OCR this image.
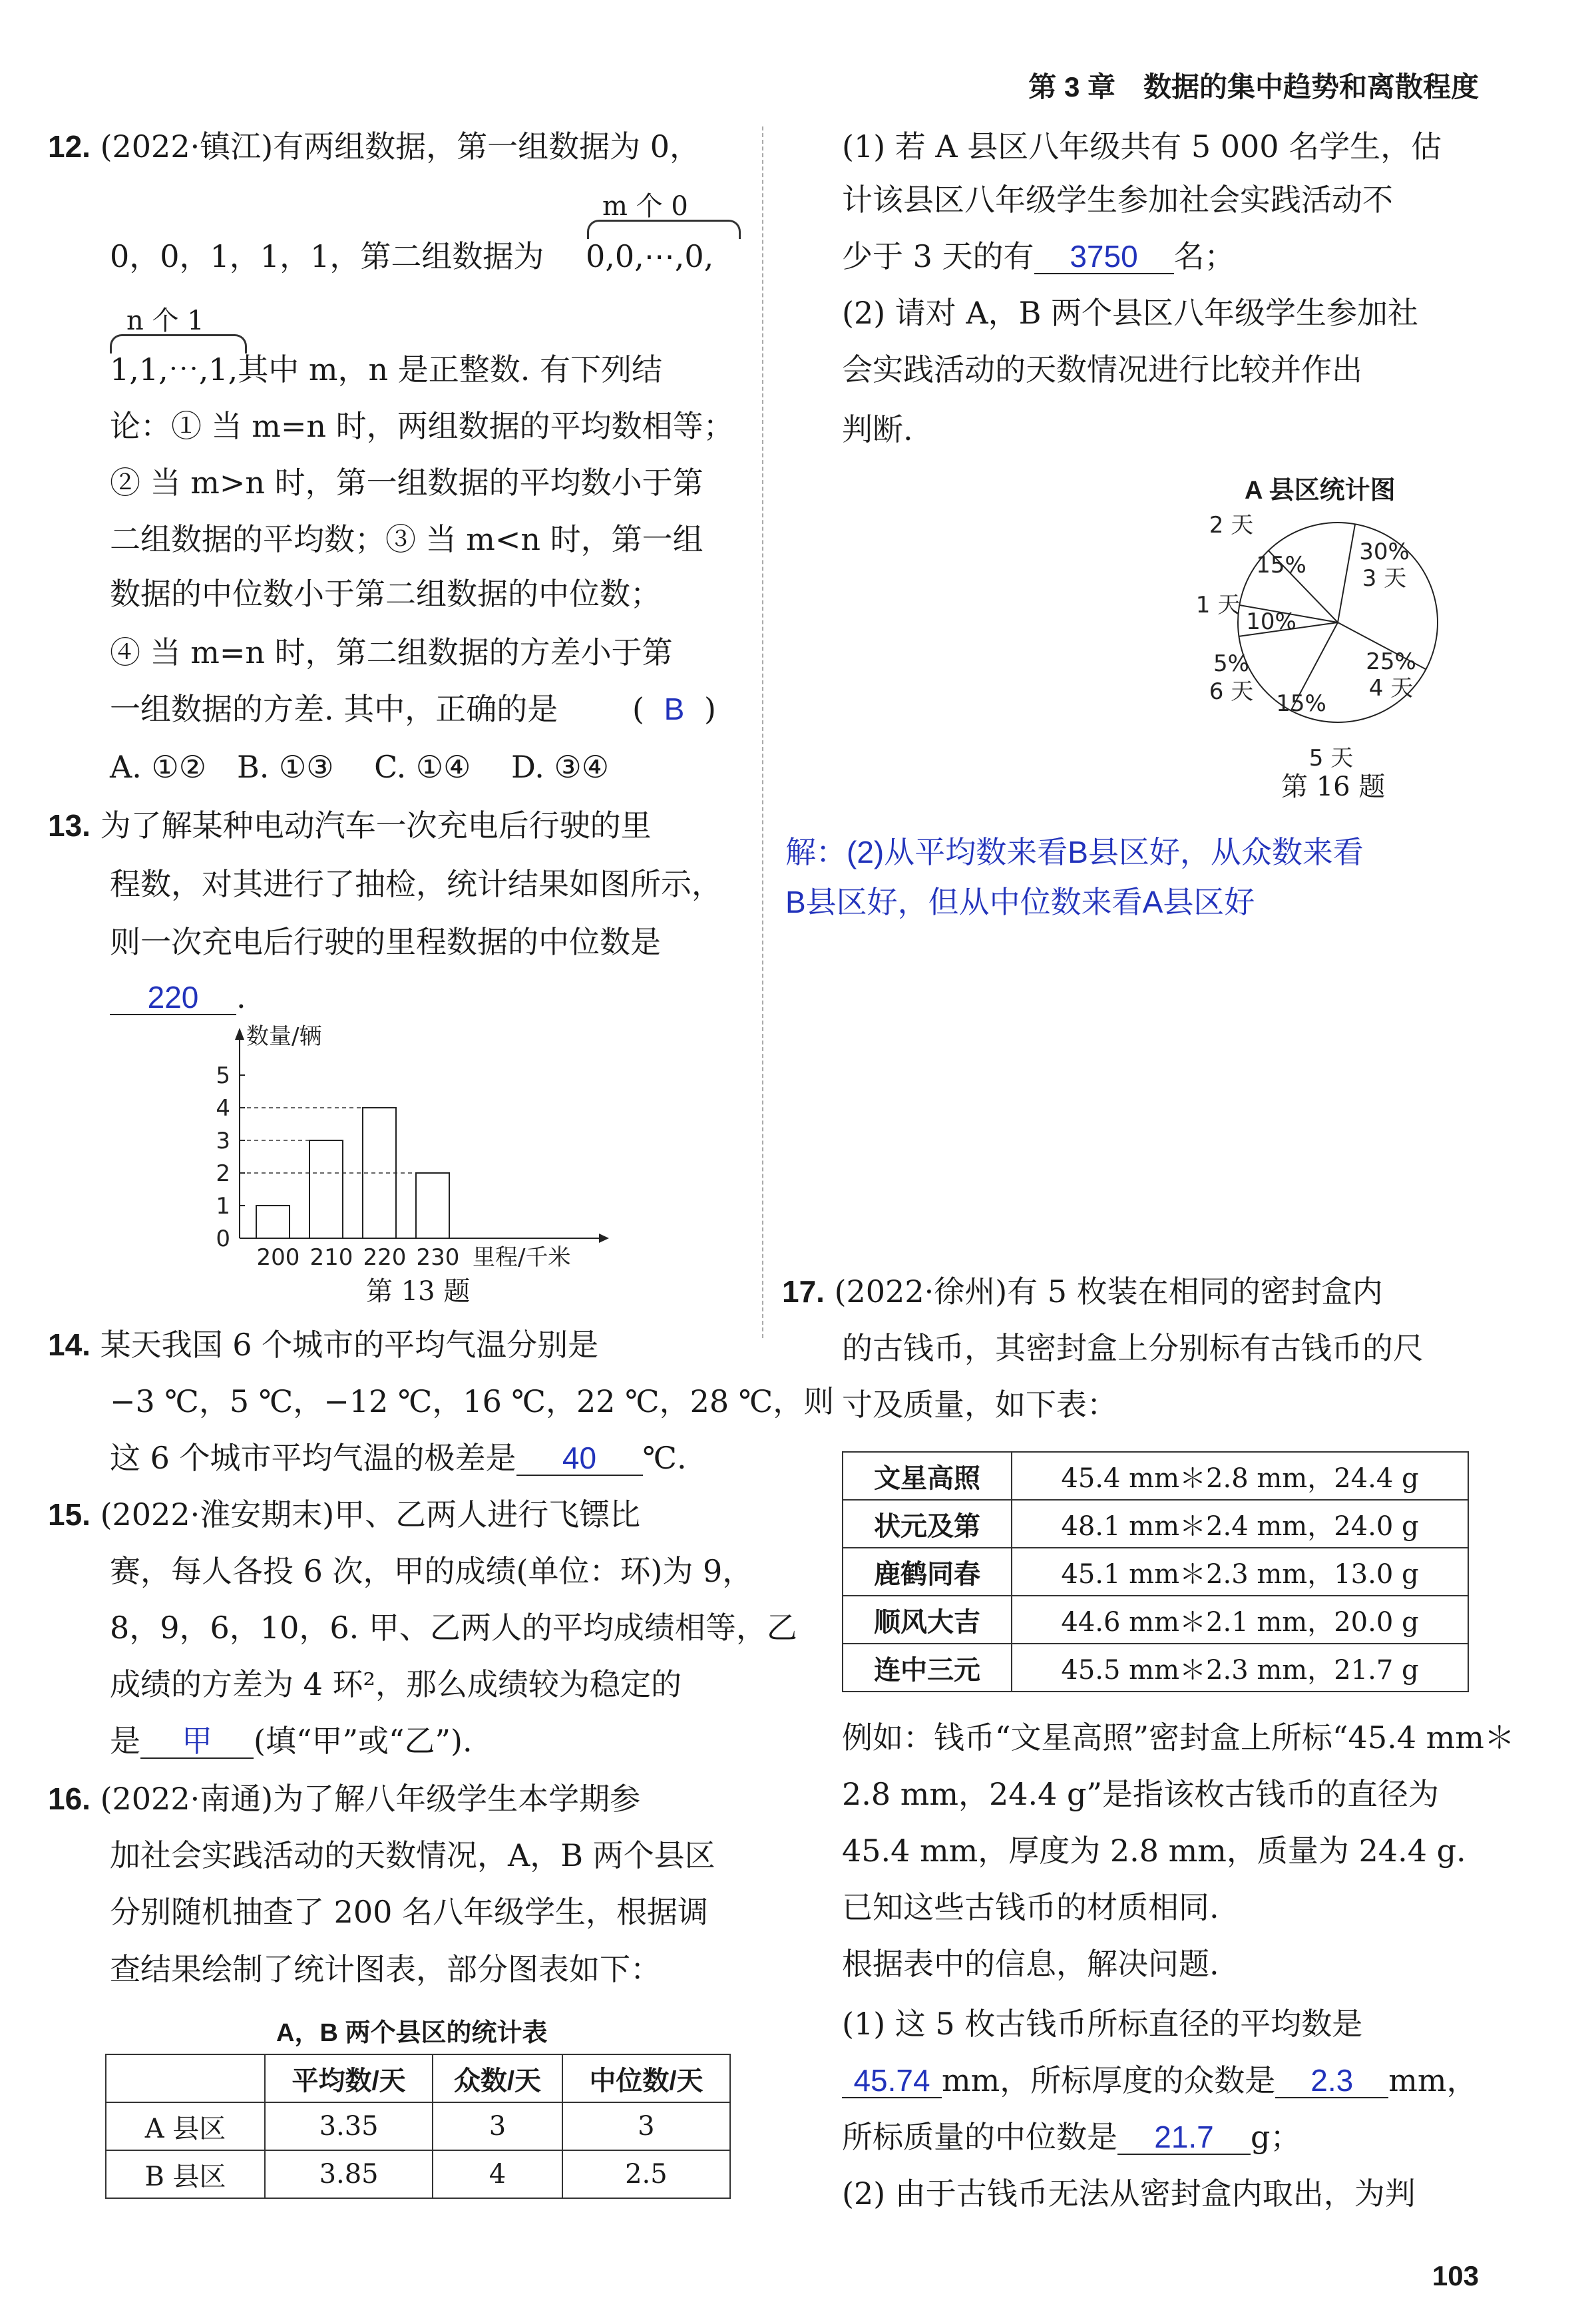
第 3 章　数据的集中趋势和离散程度
12. (2022·镇江)有两组数据，第一组数据为 0，
m 个 0
0，0，1，1，1，第二组数据为 0,0,⋯,0,
n 个 1
1,1,⋯,1,其中 m，n 是正整数. 有下列结
论：① 当 m=n 时，两组数据的平均数相等；
② 当 m>n 时，第一组数据的平均数小于第
二组数据的平均数；③ 当 m<n 时，第一组
数据的中位数小于第二组数据的中位数；
④ 当 m=n 时，第二组数据的方差小于第
一组数据的方差. 其中，正确的是 ( B )
A. ①②　B. ①③　 C. ①④　 D. ③④
13. 为了解某种电动汽车一次充电后行驶的里
程数，对其进行了抽检，统计结果如图所示，
则一次充电后行驶的里程数据的中位数是
220 .
0
1
2
3
4
5
数量/辆
200 210 220 230 里程/千米
第 13 题
14. 某天我国 6 个城市的平均气温分别是
−3 ℃，5 ℃，−12 ℃，16 ℃，22 ℃，28 ℃，则
这 6 个城市平均气温的极差是 40 ℃.
15. (2022·淮安期末)甲、乙两人进行飞镖比
赛，每人各投 6 次，甲的成绩(单位：环)为 9，
8，9，6，10，6. 甲、乙两人的平均成绩相等，乙
成绩的方差为 4 环²，那么成绩较为稳定的
是 甲 (填“甲”或“乙”).
16. (2022·南通)为了解八年级学生本学期参
加社会实践活动的天数情况，A，B 两个县区
分别随机抽查了 200 名八年级学生，根据调
查结果绘制了统计图表，部分图表如下：
A，B 两个县区的统计表
	平均数/天	众数/天	中位数/天
A 县区	3.35	3	3
B 县区	3.85	4	2.5
(1) 若 A 县区八年级共有 5 000 名学生，估
计该县区八年级学生参加社会实践活动不
少于 3 天的有 3750 名；
(2) 请对 A，B 两个县区八年级学生参加社
会实践活动的天数情况进行比较并作出
判断.
A 县区统计图
30%
3 天
25%
4 天
15%
5 天
5%
6 天
10%
1 天
15%
2 天
第 16 题
解：(2)从平均数来看B县区好，从众数来看
B县区好，但从中位数来看A县区好
17. (2022·徐州)有 5 枚装在相同的密封盒内
的古钱币，其密封盒上分别标有古钱币的尺
寸及质量，如下表：
文星高照	45.4 mm＊2.8 mm，24.4 g
状元及第	48.1 mm＊2.4 mm，24.0 g
鹿鹤同春	45.1 mm＊2.3 mm，13.0 g
顺风大吉	44.6 mm＊2.1 mm，20.0 g
连中三元	45.5 mm＊2.3 mm，21.7 g
例如：钱币“文星高照”密封盒上所标“45.4 mm＊
2.8 mm，24.4 g”是指该枚古钱币的直径为
45.4 mm，厚度为 2.8 mm，质量为 24.4 g.
已知这些古钱币的材质相同.
根据表中的信息，解决问题.
(1) 这 5 枚古钱币所标直径的平均数是
45.74 mm，所标厚度的众数是 2.3 mm，
所标质量的中位数是 21.7 g；
(2) 由于古钱币无法从密封盒内取出，为判
103
